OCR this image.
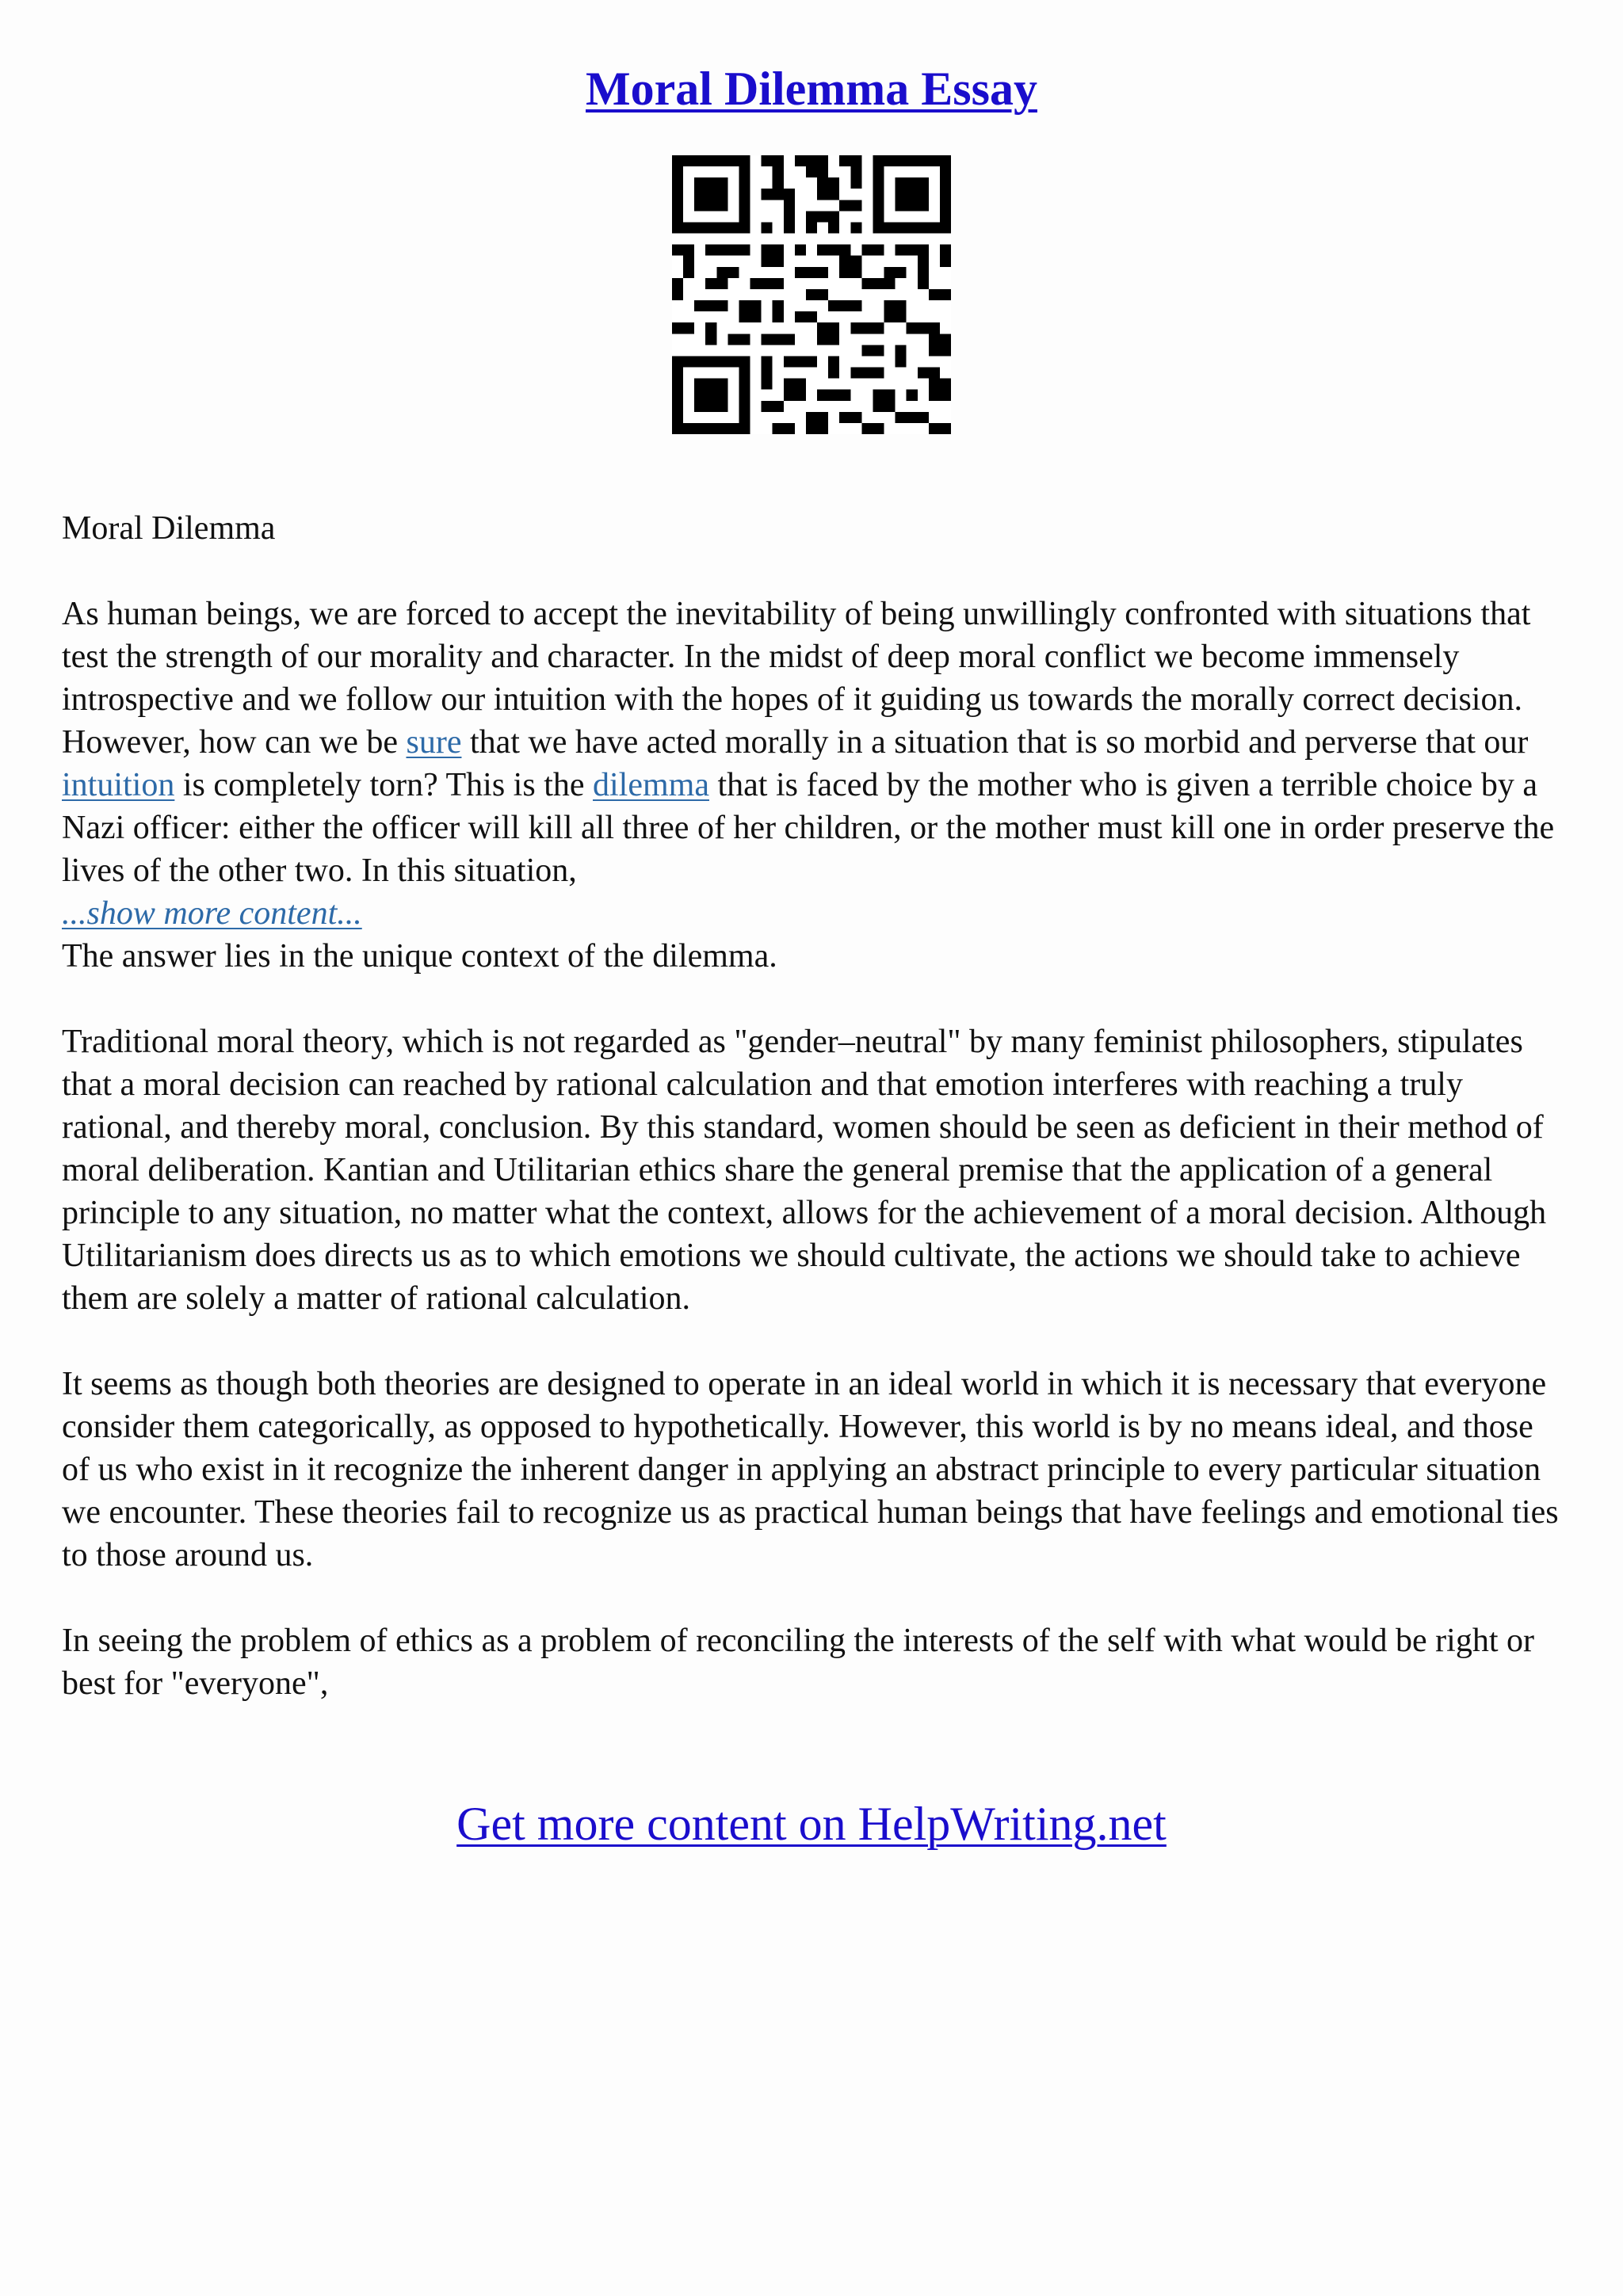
Moral Dilemma Essay

Moral Dilemma

As human beings, we are forced to accept the inevitability of being unwillingly confronted with situations that test the strength of our morality and character. In the midst of deep moral conflict we become immensely introspective and we follow our intuition with the hopes of it guiding us towards the morally correct decision. However, how can we be sure that we have acted morally in a situation that is so morbid and perverse that our intuition is completely torn? This is the dilemma that is faced by the mother who is given a terrible choice by a Nazi officer: either the officer will kill all three of her children, or the mother must kill one in order preserve the lives of the other two. In this situation,

...show more content...

The answer lies in the unique context of the dilemma.

Traditional moral theory, which is not regarded as "gender–neutral" by many feminist philosophers, stipulates that a moral decision can reached by rational calculation and that emotion interferes with reaching a truly rational, and thereby moral, conclusion. By this standard, women should be seen as deficient in their method of moral deliberation. Kantian and Utilitarian ethics share the general premise that the application of a general principle to any situation, no matter what the context, allows for the achievement of a moral decision. Although Utilitarianism does directs us as to which emotions we should cultivate, the actions we should take to achieve them are solely a matter of rational calculation.

It seems as though both theories are designed to operate in an ideal world in which it is necessary that everyone consider them categorically, as opposed to hypothetically. However, this world is by no means ideal, and those of us who exist in it recognize the inherent danger in applying an abstract principle to every particular situation we encounter. These theories fail to recognize us as practical human beings that have feelings and emotional ties to those around us.

In seeing the problem of ethics as a problem of reconciling the interests of the self with what would be right or best for "everyone",

Get more content on HelpWriting.net
